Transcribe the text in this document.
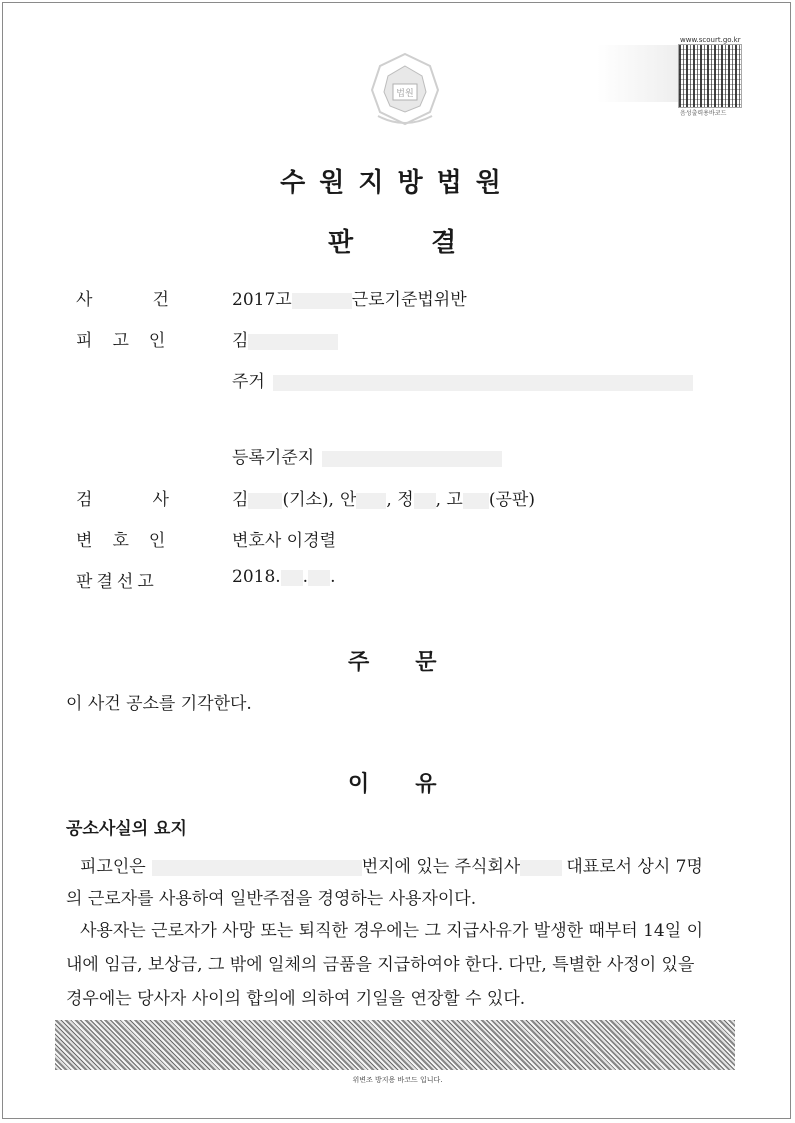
법원
www.scourt.go.kr
음성출력용바코드
수원지방법원
판	결
사	건	2017고	근로기준법위반
피 고 인	김
주거
등록기준지
검	사	김 (기소), 안 , 정 , 고 (공판)
변 호 인	변호사 이경렬
판 결 선 고	2018. . .
주 문
이 사건 공소를 기각한다.
이 유
공소사실의 요지
피고인은	번지에 있는 주식회사	대표로서 상시 7명
의 근로자를 사용하여 일반주점을 경영하는 사용자이다.
사용자는 근로자가 사망 또는 퇴직한 경우에는 그 지급사유가 발생한 때부터 14일 이
내에 임금, 보상금, 그 밖에 일체의 금품을 지급하여야 한다. 다만, 특별한 사정이 있을
경우에는 당사자 사이의 합의에 의하여 기일을 연장할 수 있다.
위변조 방지용 바코드 입니다.
